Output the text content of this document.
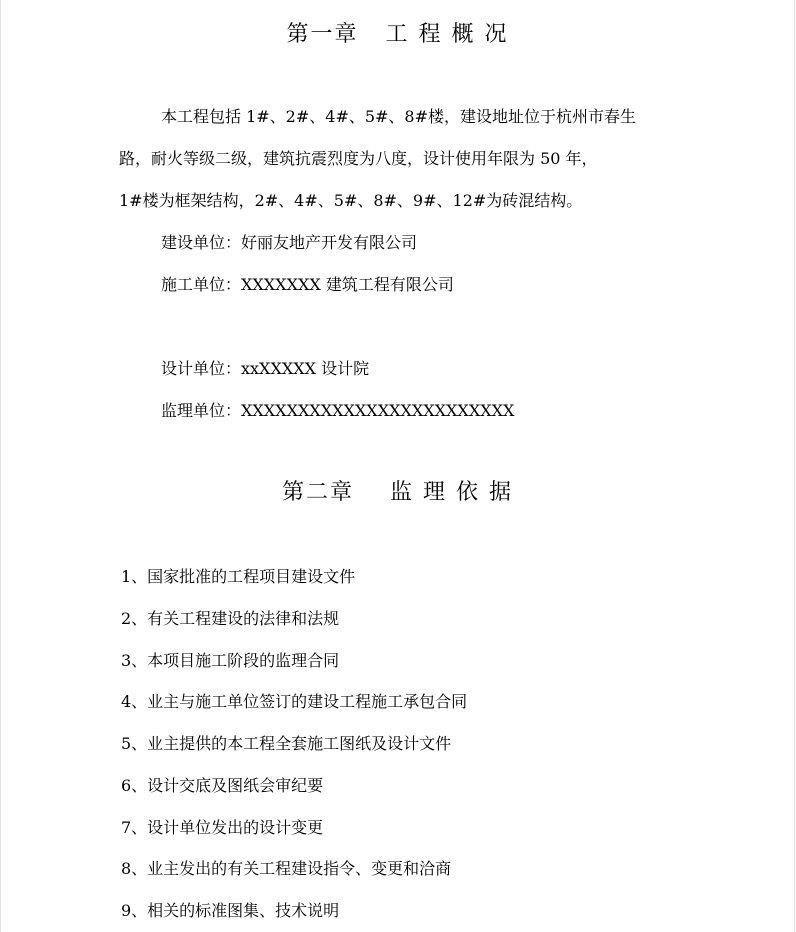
第一章   工 程 概 况
本工程包括 1#、2#、4#、5#、8#楼，建设地址位于杭州市春生
路，耐火等级二级，建筑抗震烈度为八度，设计使用年限为 50 年，
1#楼为框架结构，2#、4#、5#、8#、9#、12#为砖混结构。
建设单位：好丽友地产开发有限公司
施工单位：XXXXXXX 建筑工程有限公司
设计单位：xxXXXXX 设计院
监理单位：XXXXXXXXXXXXXXXXXXXXXXXX
第二章    监 理 依 据
1、国家批准的工程项目建设文件
2、有关工程建设的法律和法规
3、本项目施工阶段的监理合同
4、业主与施工单位签订的建设工程施工承包合同
5、业主提供的本工程全套施工图纸及设计文件
6、设计交底及图纸会审纪要
7、设计单位发出的设计变更
8、业主发出的有关工程建设指令、变更和洽商
9、相关的标准图集、技术说明
